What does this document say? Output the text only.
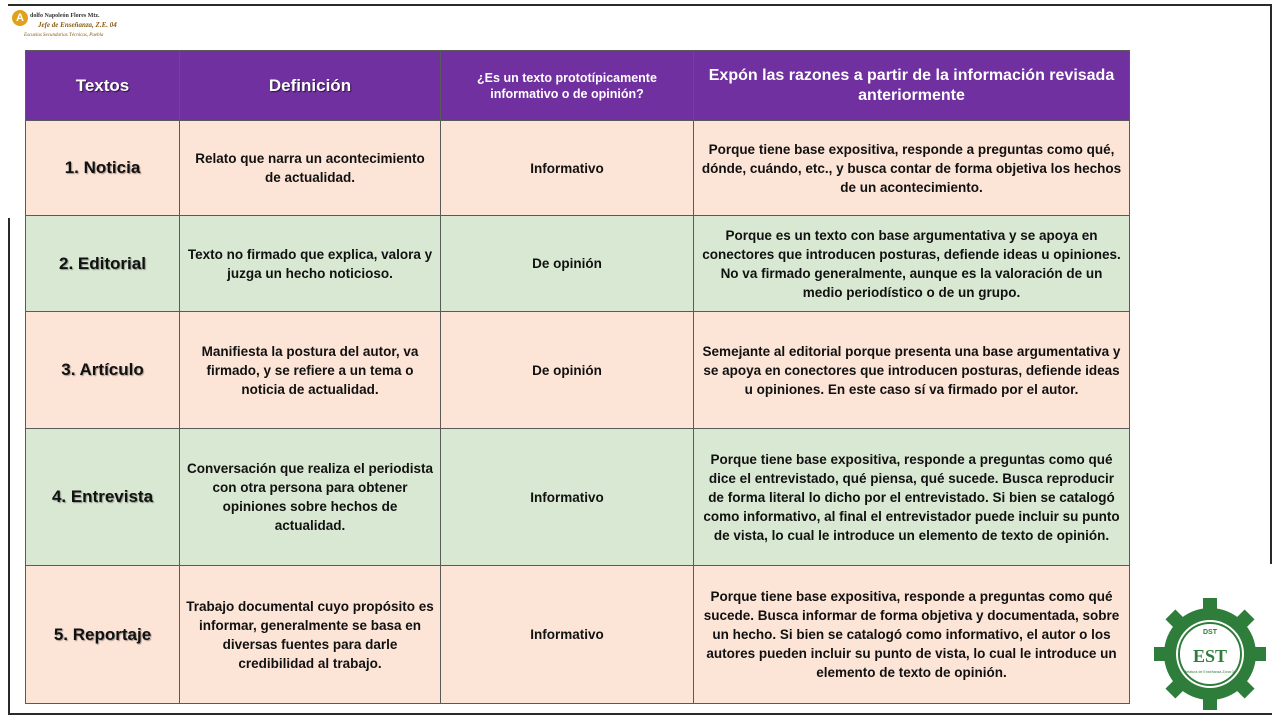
A	dolfo Napoleón Flores Mtz.
Jefe de Enseñanza, Z.E. 04
Escuelas Secundarias Técnicas, Puebla
Textos	Definición	¿Es un texto prototípicamente informativo o de opinión?	Expón las razones a partir de la información revisada anteriormente
1. Noticia	Relato que narra un acontecimiento de actualidad.	Informativo	Porque tiene base expositiva, responde a preguntas como qué, dónde, cuándo, etc., y busca contar de forma objetiva los hechos de un acontecimiento.
2. Editorial	Texto no firmado que explica, valora y juzga un hecho noticioso.	De opinión	Porque es un texto con base argumentativa y se apoya en conectores que introducen posturas, defiende ideas u opiniones. No va firmado generalmente, aunque es la valoración de un medio periodístico o de un grupo.
3. Artículo	Manifiesta la postura del autor, va firmado, y se refiere a un tema o noticia de actualidad.	De opinión	Semejante al editorial porque presenta una base argumentativa y se apoya en conectores que introducen posturas, defiende ideas u opiniones. En este caso sí va firmado por el autor.
4. Entrevista	Conversación que realiza el periodista con otra persona para obtener opiniones sobre hechos de actualidad.	Informativo	Porque tiene base expositiva, responde a preguntas como qué dice el entrevistado, qué piensa, qué sucede. Busca reproducir de forma literal lo dicho por el entrevistado. Si bien se catalogó como informativo, al final el entrevistador puede incluir su punto de vista, lo cual le introduce un elemento de texto de opinión.
5. Reportaje	Trabajo documental cuyo propósito es informar, generalmente se basa en diversas fuentes para darle credibilidad al trabajo.	Informativo	Porque tiene base expositiva, responde a preguntas como qué sucede. Busca informar de forma objetiva y documentada, sobre un hecho. Si bien se catalogó como informativo, el autor o los autores pueden incluir su punto de vista, lo cual le introduce un elemento de texto de opinión.
DST
EST
Jefatura de Enseñanza Zona 04
